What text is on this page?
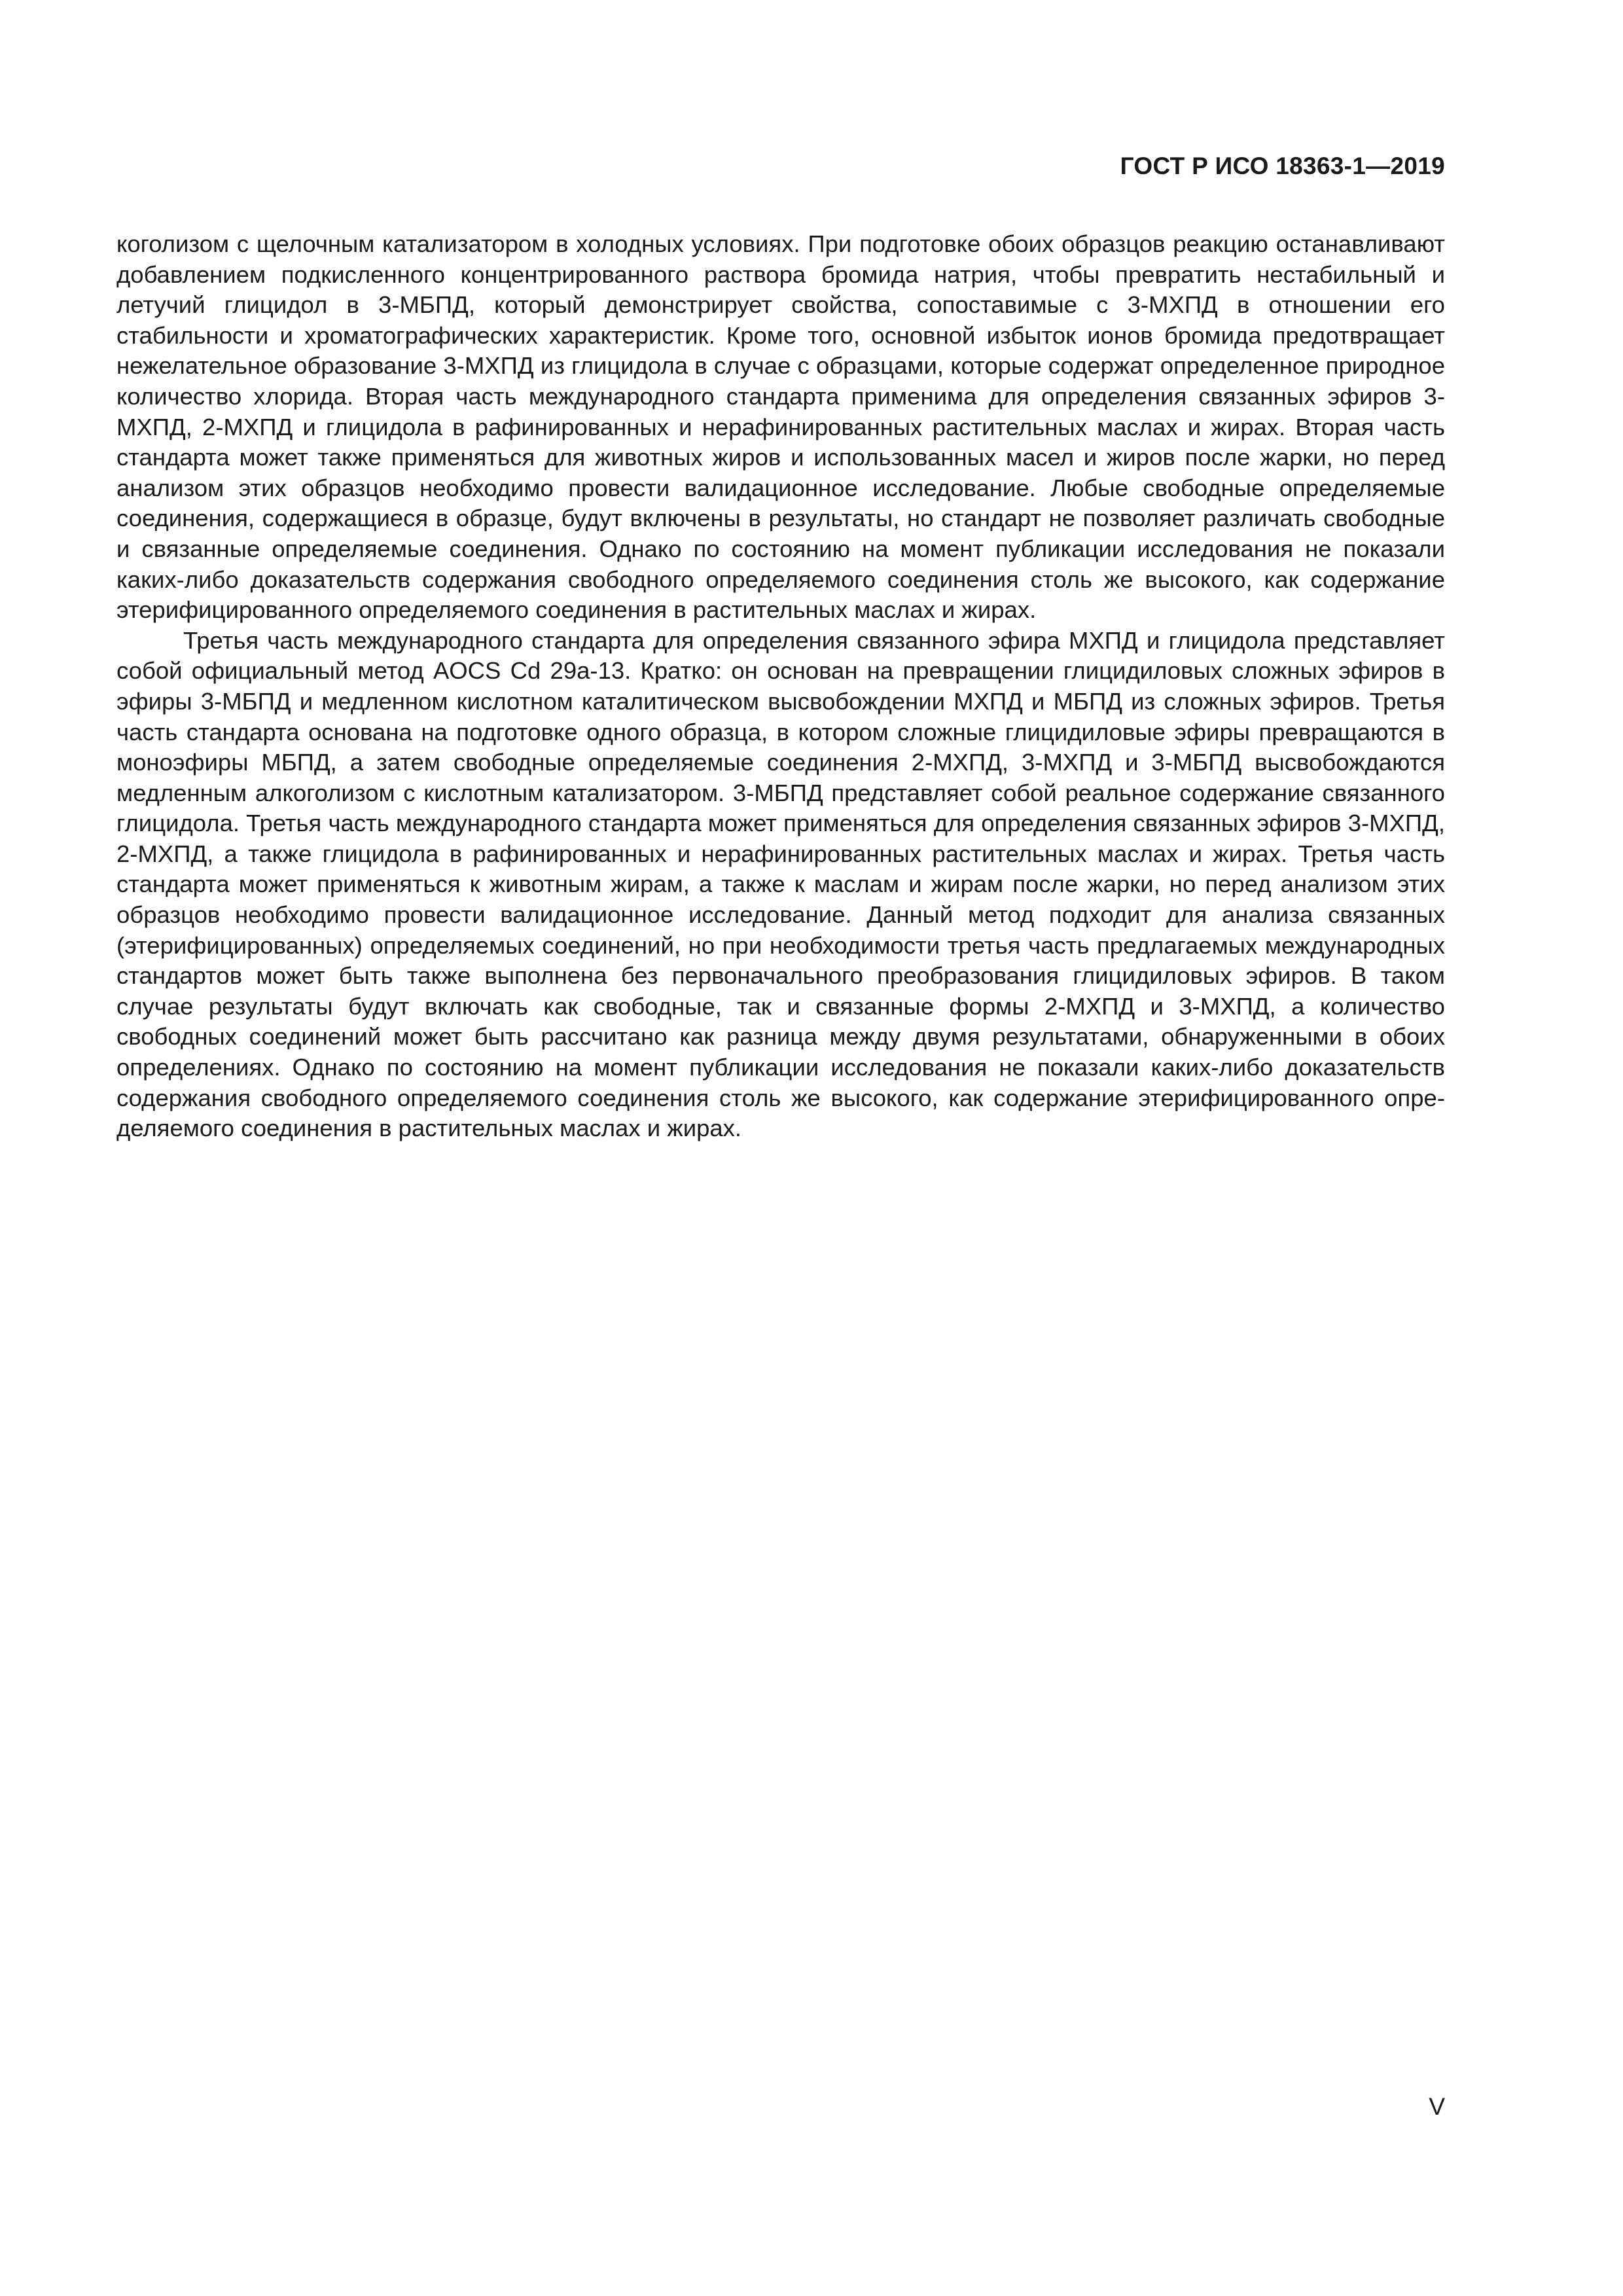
ГОСТ Р ИСО 18363-1—2019

коголизом с щелочным катализатором в холодных условиях. При подготовке обоих образцов реакцию останавливают добавлением подкисленного концентрированного раствора бромида натрия, чтобы превратить нестабильный и летучий глицидол в 3-МБПД, который демонстрирует свойства, сопоставимые с 3-МХПД в отношении его стабильности и хроматографических характеристик. Кроме того, основной избыток ионов бромида предотвращает нежелательное образование 3-МХПД из глицидола в случае с образцами, которые содержат определенное природное количество хлорида. Вторая часть международного стандарта применима для определения связанных эфиров 3-МХПД, 2-МХПД и глицидола в рафинированных и нерафинированных растительных маслах и жирах. Вторая часть стандарта может также применяться для животных жиров и использованных масел и жиров после жарки, но перед анализом этих образцов необходимо провести валидационное исследование. Любые свободные определяемые соединения, содержащиеся в образце, будут включены в результаты, но стандарт не позволяет различать свободные и связанные определяемые соединения. Однако по состоянию на момент публикации исследования не показали каких-либо доказательств содержания свободного определяемого соединения столь же высокого, как содержание этерифицированного определяемого соединения в растительных маслах и жирах.

Третья часть международного стандарта для определения связанного эфира МХПД и глицидола представляет собой официальный метод AOCS Cd 29a-13. Кратко: он основан на превращении глицидиловых сложных эфиров в эфиры 3-МБПД и медленном кислотном каталитическом высвобождении МХПД и МБПД из сложных эфиров. Третья часть стандарта основана на подготовке одного образца, в котором сложные глицидиловые эфиры превращаются в моноэфиры МБПД, а затем свободные определяемые соединения 2-МХПД, 3-МХПД и 3-МБПД высвобождаются медленным алкоголизом с кислотным катализатором. 3-МБПД представляет собой реальное содержание связанного глицидола. Третья часть международного стандарта может применяться для определения связанных эфиров 3-МХПД, 2-МХПД, а также глицидола в рафинированных и нерафинированных растительных маслах и жирах. Третья часть стандарта может применяться к животным жирам, а также к маслам и жирам после жарки, но перед анализом этих образцов необходимо провести валидационное исследование. Данный метод подходит для анализа связанных (этерифицированных) определяемых соединений, но при необходимости третья часть предлагаемых международных стандартов может быть также выполнена без первоначального преобразования глицидиловых эфиров. В таком случае результаты будут включать как свободные, так и связанные формы 2-МХПД и 3-МХПД, а количество свободных соединений может быть рассчитано как разница между двумя результатами, обнаруженными в обоих определениях. Однако по состоянию на момент публикации исследования не показали каких-либо доказательств содержания свободного определяемого соединения столь же высокого, как содержание этерифицированного определяемого соединения в растительных маслах и жирах.

V
